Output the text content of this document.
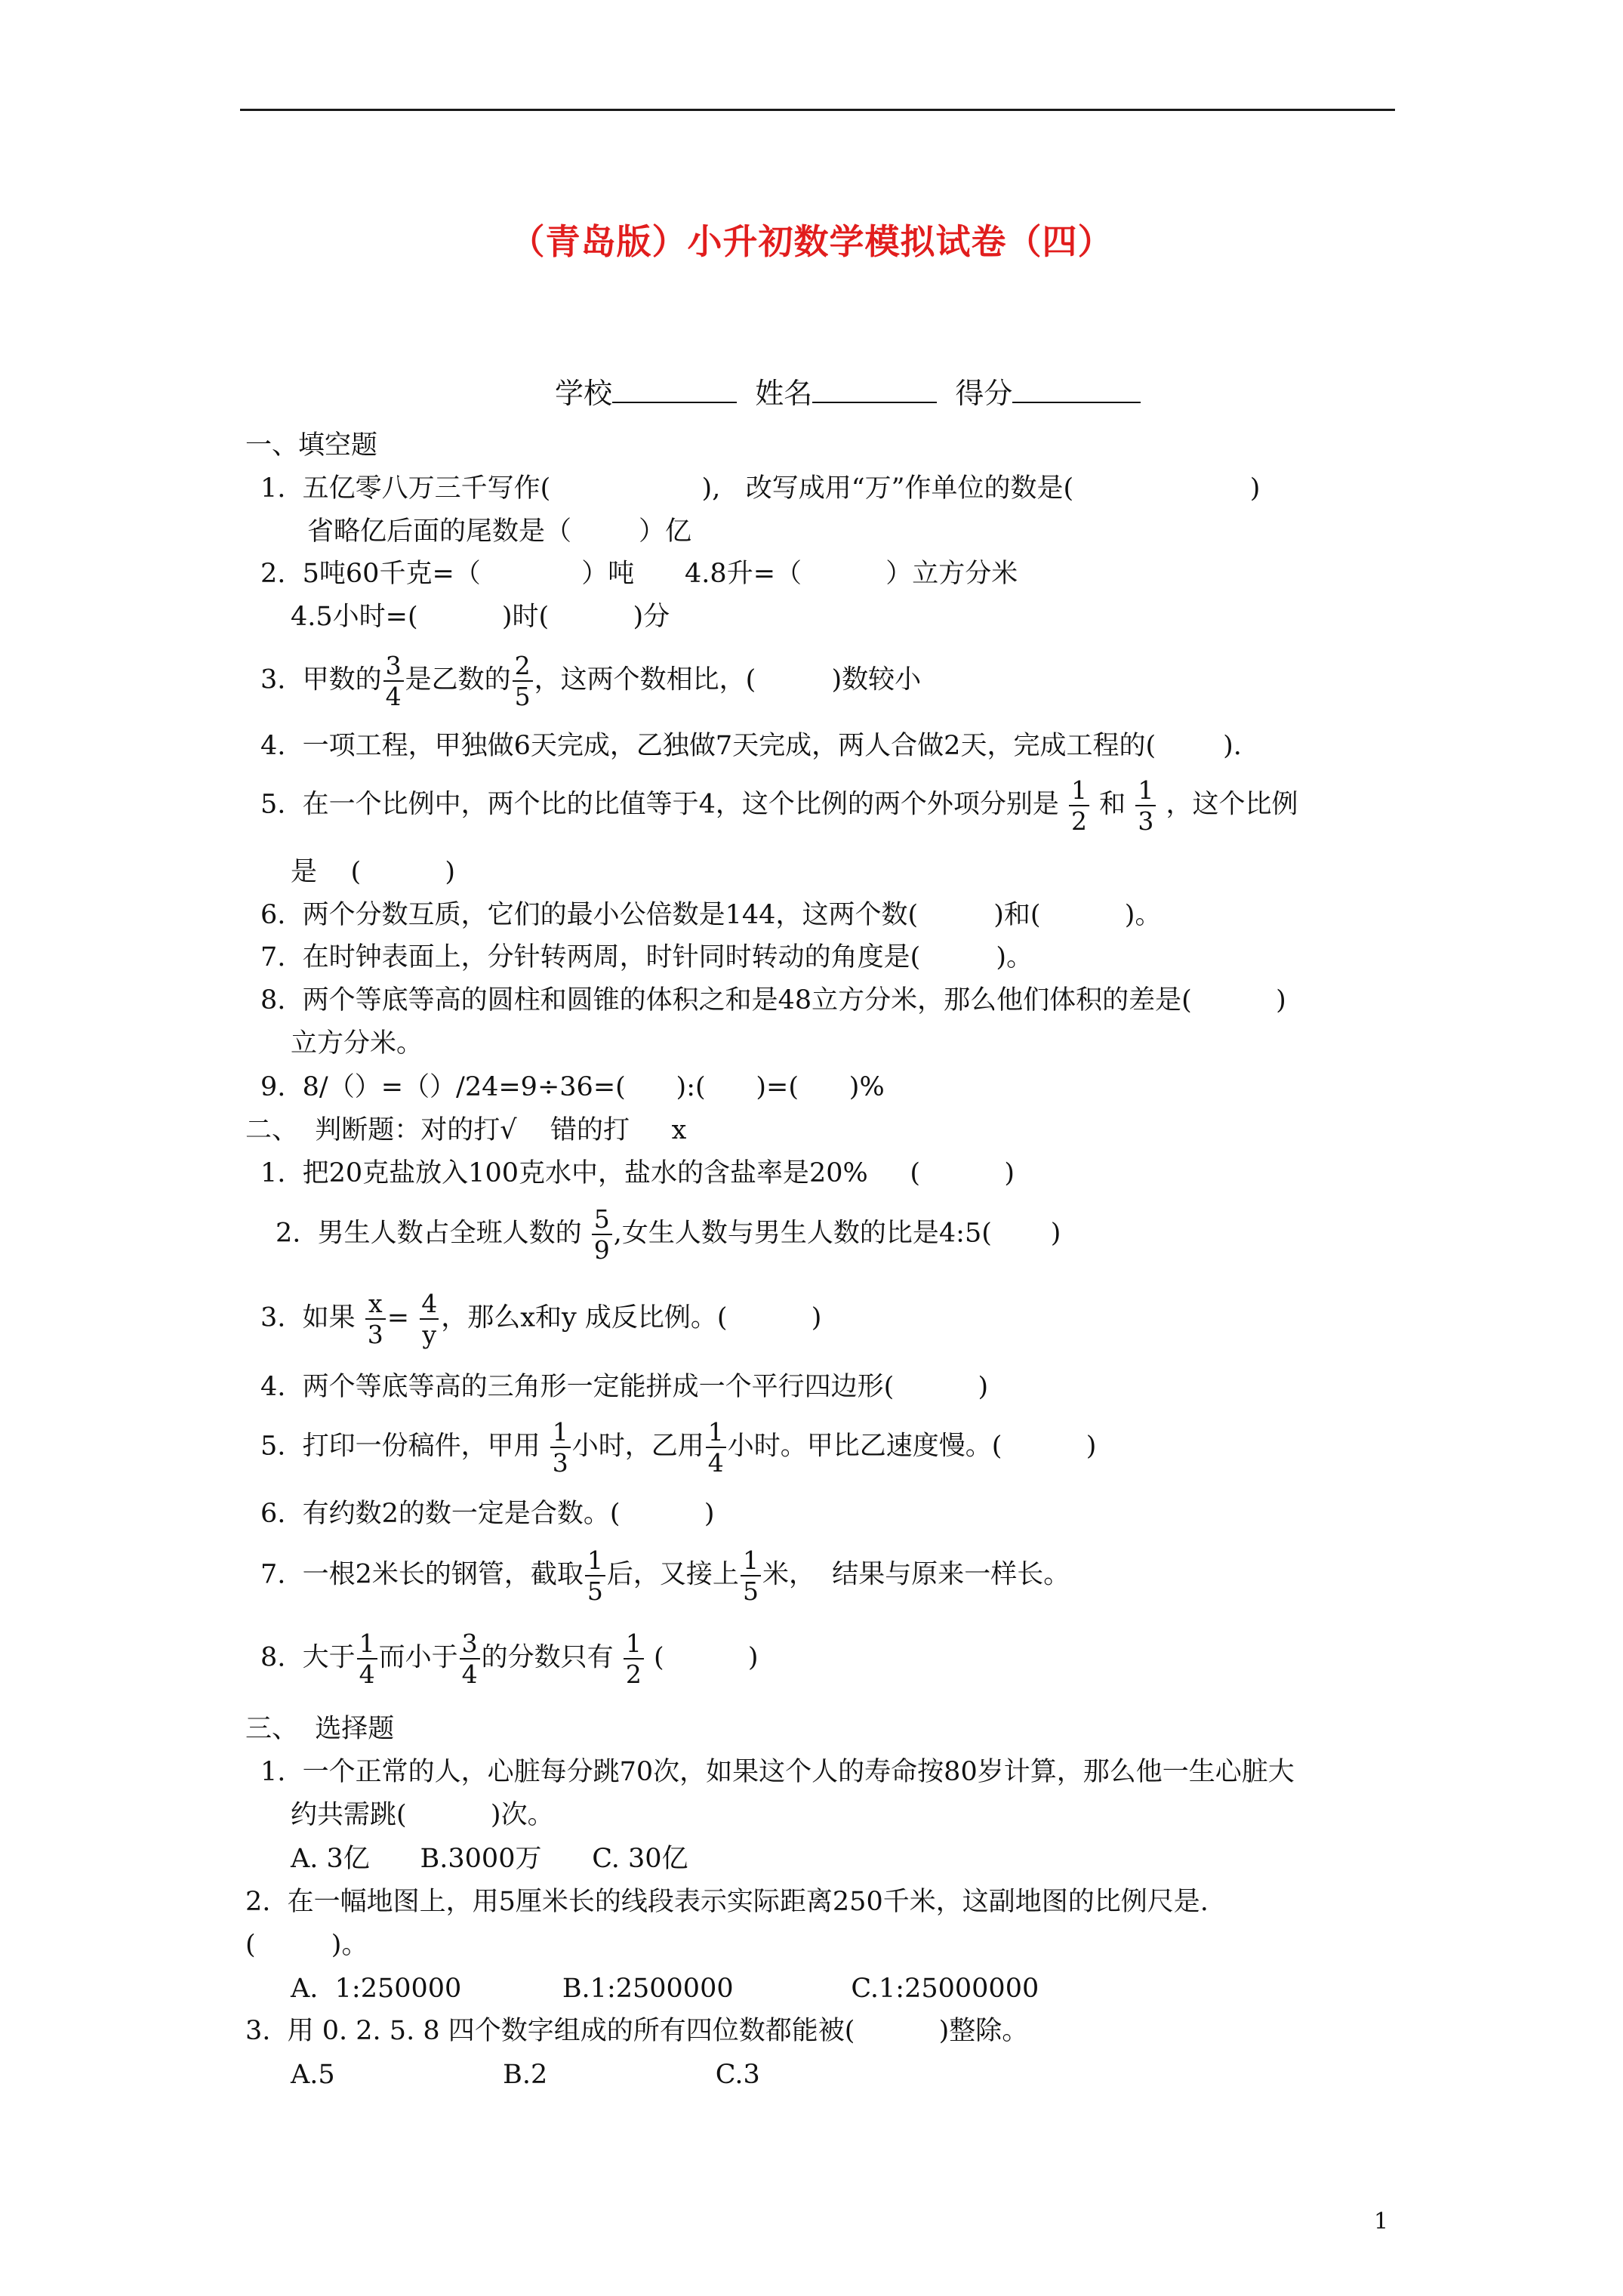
（青岛版）小升初数学模拟试卷（四）
学校	姓名	得分
一、填空题
1.  五亿零八万三千写作(                  ),   改写成用“万”作单位的数是(                     )
省略亿后面的尾数是（        ）亿
2.  5吨60千克=（            ）吨      4.8升=（          ）立方分米
4.5小时=(          )时(          )分
3.  甲数的 $\frac{3}{4}$ 是乙数的 $\frac{2}{5}$ ，这两个数相比，(         )数较小
4.  一项工程，甲独做6天完成，乙独做7天完成，两人合做2天，完成工程的(        ).
5.  在一个比例中，两个比的比值等于4，这个比例的两个外项分别是 $\frac{1}{2}$ 和 $\frac{1}{3}$ ，这个比例
是    (          )
6.  两个分数互质，它们的最小公倍数是144，这两个数(         )和(          )。
7.  在时钟表面上，分针转两周，时针同时转动的角度是(         )。
8.  两个等底等高的圆柱和圆锥的体积之和是48立方分米，那么他们体积的差是(          )
立方分米。
9.  8/（）=（）/24=9÷36=(      ):(      )=(      )%
二、  判断题：对的打√    错的打     x
1.  把20克盐放入100克水中，盐水的含盐率是20%     (          )
2.  男生人数占全班人数的 $\frac{5}{9}$ ,女生人数与男生人数的比是4:5(       )
3.  如果 $\frac{x}{3} = \frac{4}{y}$ ，那么x和y 成反比例。(          )
4.  两个等底等高的三角形一定能拼成一个平行四边形(          )
5.  打印一份稿件，甲用 $\frac{1}{3}$ 小时，乙用 $\frac{1}{4}$ 小时。甲比乙速度慢。(          )
6.  有约数2的数一定是合数。(          )
7.  一根2米长的钢管，截取 $\frac{1}{5}$ 后，又接上 $\frac{1}{5}$ 米，  结果与原来一样长。
8.  大于 $\frac{1}{4}$ 而小于 $\frac{3}{4}$ 的分数只有 $\frac{1}{2}$ (          )
三、  选择题
1.  一个正常的人，心脏每分跳70次，如果这个人的寿命按80岁计算，那么他一生心脏大
约共需跳(          )次。
A. 3亿      B.3000万      C. 30亿
2.  在一幅地图上，用5厘米长的线段表示实际距离250千米，这副地图的比例尺是.
(         )。
A.  1:250000            B.1:2500000              C.1:25000000
3.  用 0. 2. 5. 8 四个数字组成的所有四位数都能被(          )整除。
A.5                    B.2                    C.3
1
